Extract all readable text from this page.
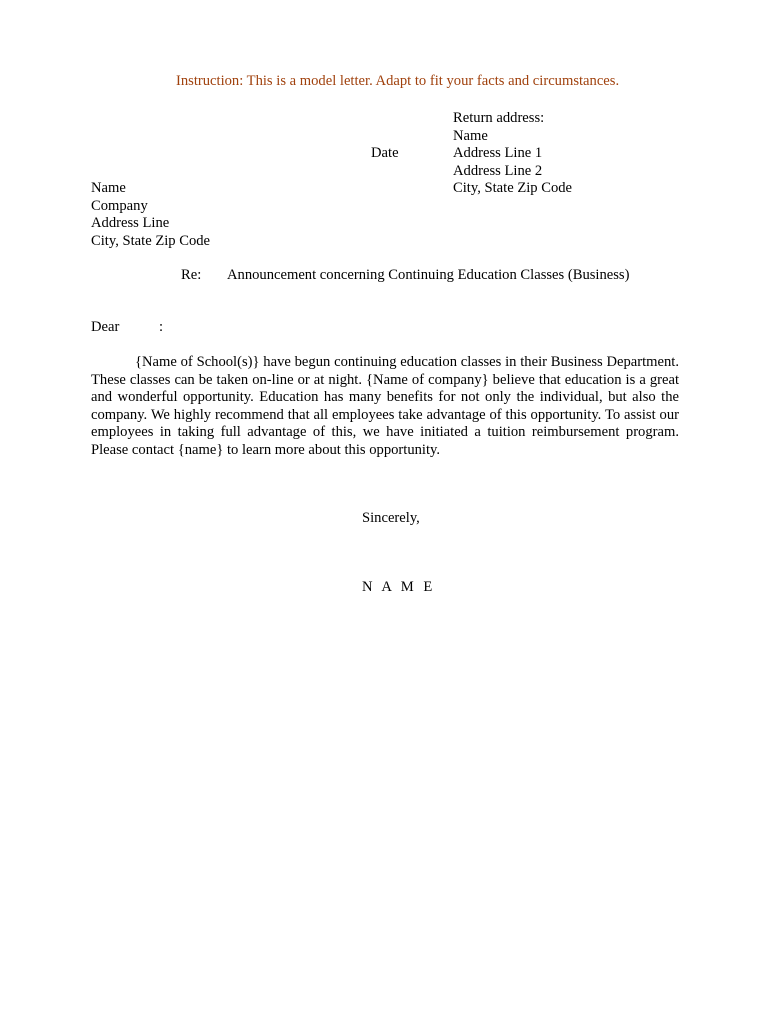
Instruction: This is a model letter. Adapt to fit your facts and circumstances.
Return address:
Name
Address Line 1
Address Line 2
City, State Zip Code
Date
Name
Company
Address Line
City, State Zip Code
Re: Announcement concerning Continuing Education Classes (Business)
Dear	:
{Name of School(s)} have begun continuing education classes in their Business Department. These classes can be taken on-line or at night. {Name of company} believe that education is a great and wonderful opportunity. Education has many benefits for not only the individual, but also the company. We highly recommend that all employees take advantage of this opportunity. To assist our employees in taking full advantage of this, we have initiated a tuition reimbursement program. Please contact {name} to learn more about this opportunity.
Sincerely,
N A M E
